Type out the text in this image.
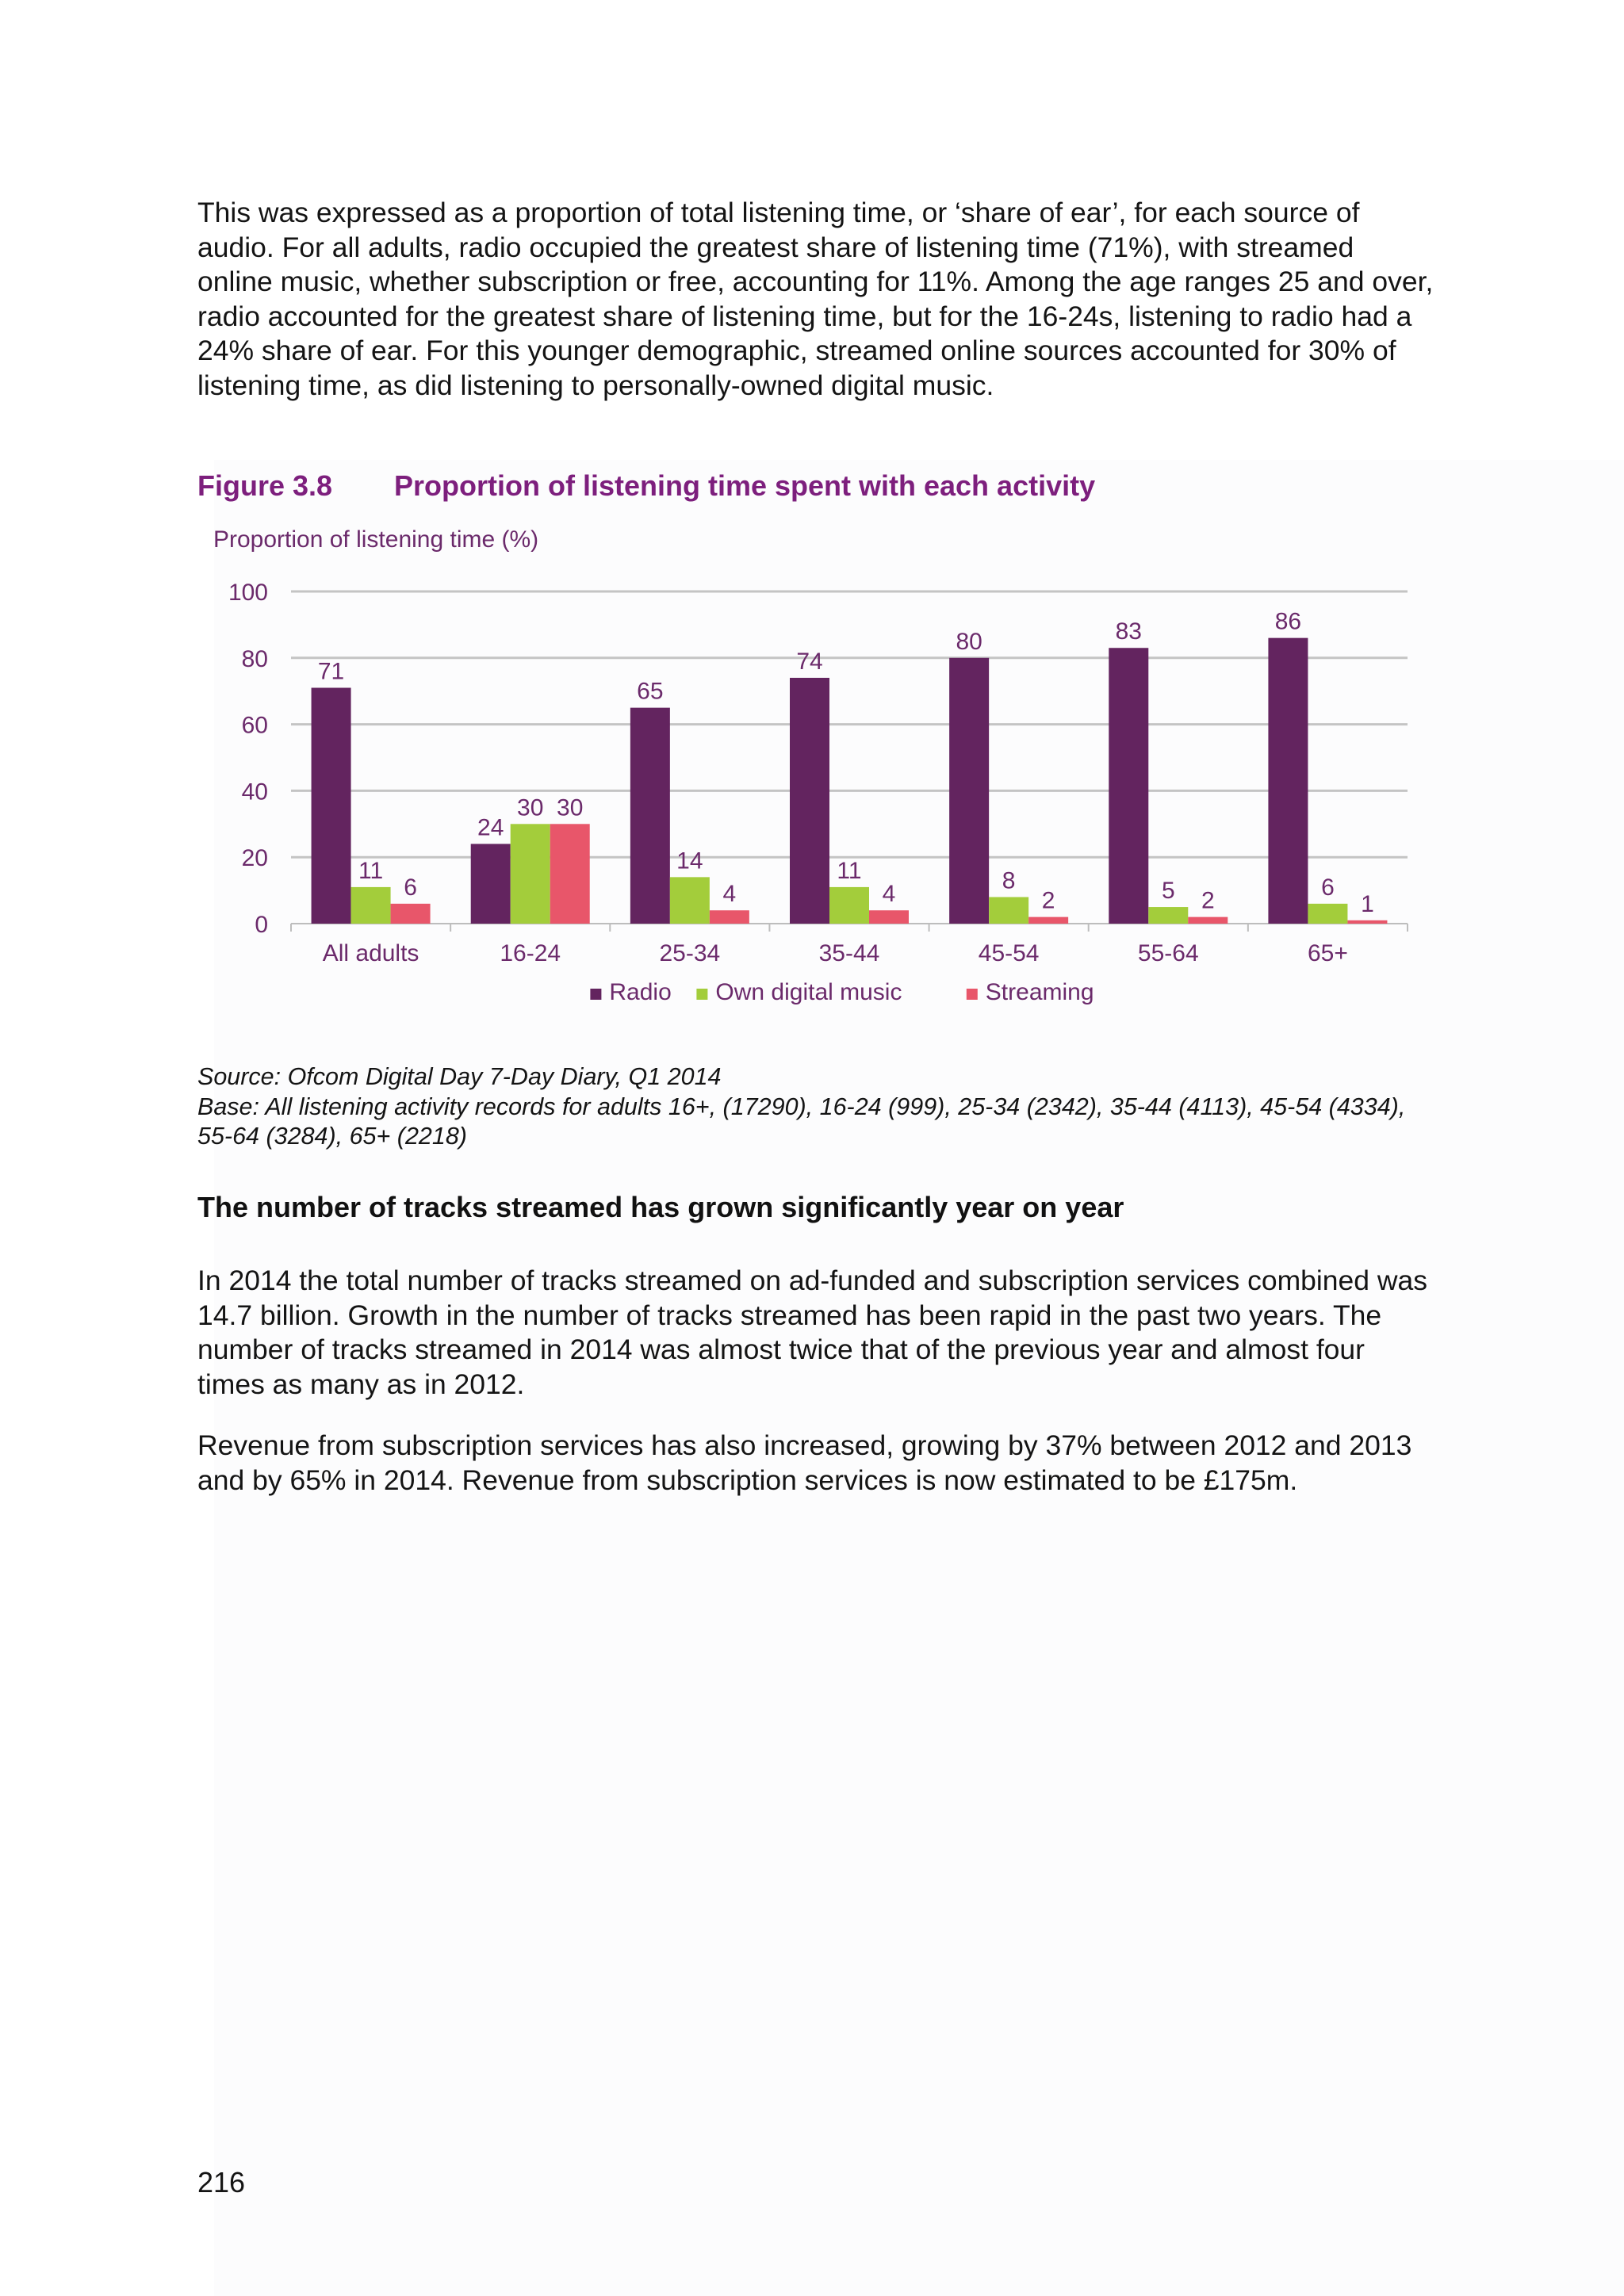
This was expressed as a proportion of total listening time, or ‘share of ear’, for each source of audio. For all adults, radio occupied the greatest share of listening time (71%), with streamed online music, whether subscription or free, accounting for 11%. Among the age ranges 25 and over, radio accounted for the greatest share of listening time, but for the 16-24s, listening to radio had a 24% share of ear. For this younger demographic, streamed online sources accounted for 30% of listening time, as did listening to personally-owned digital music.

Figure 3.8 Proportion of listening time spent with each activity
Proportion of listening time (%)
0
20
40
60
80
100
71
11
6
All adults
24
30 30
16-24
65
14
4
25-34
74
11
4
35-44
80
8
2
45-54
83
5 2
55-64
86
6
1
65+
Radio Own digital music	Streaming
Source: Ofcom Digital Day 7-Day Diary, Q1 2014
Base: All listening activity records for adults 16+, (17290), 16-24 (999), 25-34 (2342), 35-44 (4113), 45-54 (4334), 55-64 (3284), 65+ (2218)
The number of tracks streamed has grown significantly year on year

In 2014 the total number of tracks streamed on ad-funded and subscription services combined was 14.7 billion. Growth in the number of tracks streamed has been rapid in the past two years. The number of tracks streamed in 2014 was almost twice that of the previous year and almost four times as many as in 2012.

Revenue from subscription services has also increased, growing by 37% between 2012 and 2013 and by 65% in 2014. Revenue from subscription services is now estimated to be £175m.

216
